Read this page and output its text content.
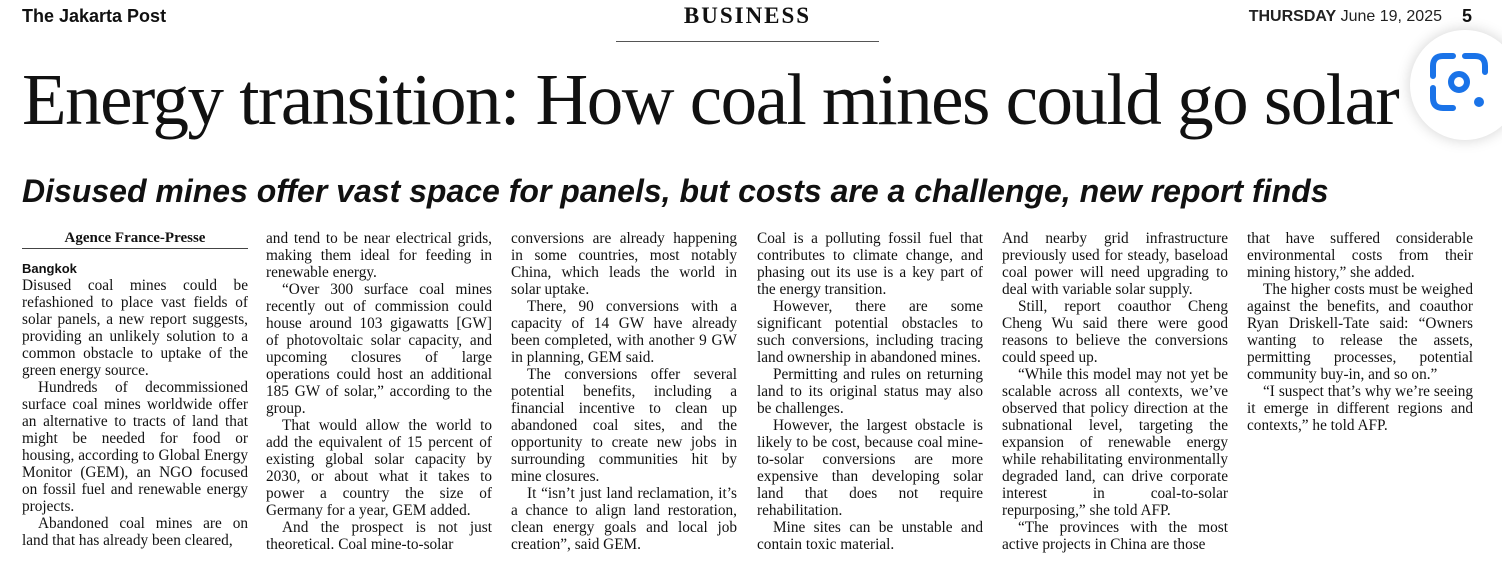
The Jakarta Post	BUSINESS	THURSDAY June 19, 2025 5
Energy transition: How coal mines could go solar
Disused mines offer vast space for panels, but costs are a challenge, new report finds
Agence France-Presse
Bangkok

Disused coal mines could be refashioned to place vast fields of solar panels, a new report suggests, providing an unlikely solution to a common obstacle to uptake of the green energy source.

Hundreds of decommissioned surface coal mines worldwide offer an alternative to tracts of land that might be needed for food or housing, according to Global Energy Monitor (GEM), an NGO focused on fossil fuel and renewable energy projects.

Abandoned coal mines are on land that has already been cleared,

and tend to be near electrical grids, making them ideal for feeding in renewable energy.

“Over 300 surface coal mines recently out of commission could house around 103 gigawatts [GW] of photovoltaic solar capacity, and upcoming closures of large operations could host an additional 185 GW of solar,” according to the group.

That would allow the world to add the equivalent of 15 percent of existing global solar capacity by 2030, or about what it takes to power a country the size of Germany for a year, GEM added.

And the prospect is not just theoretical. Coal mine-to-solar

conversions are already happening in some countries, most notably China, which leads the world in solar uptake.

There, 90 conversions with a capacity of 14 GW have already been completed, with another 9 GW in planning, GEM said.

The conversions offer several potential benefits, including a financial incentive to clean up abandoned coal sites, and the opportunity to create new jobs in surrounding communities hit by mine closures.

It “isn’t just land reclamation, it’s a chance to align land restoration, clean energy goals and local job creation”, said GEM.

Coal is a polluting fossil fuel that contributes to climate change, and phasing out its use is a key part of the energy transition.

However, there are some significant potential obstacles to such conversions, including tracing land ownership in abandoned mines.

Permitting and rules on returning land to its original status may also be challenges.

However, the largest obstacle is likely to be cost, because coal mine-to-solar conversions are more expensive than developing solar land that does not require rehabilitation.

Mine sites can be unstable and contain toxic material.

And nearby grid infrastructure previously used for steady, baseload coal power will need upgrading to deal with variable solar supply.

Still, report coauthor Cheng Cheng Wu said there were good reasons to believe the conversions could speed up.

“While this model may not yet be scalable across all contexts, we’ve observed that policy direction at the subnational level, targeting the expansion of renewable energy while rehabilitating environmentally degraded land, can drive corporate interest in coal-to-solar repurposing,” she told AFP.

“The provinces with the most active projects in China are those

that have suffered considerable environmental costs from their mining history,” she added.

The higher costs must be weighed against the benefits, and coauthor Ryan Driskell-Tate said: “Owners wanting to release the assets, permitting processes, potential community buy-in, and so on.”

“I suspect that’s why we’re seeing it emerge in different regions and contexts,” he told AFP.
